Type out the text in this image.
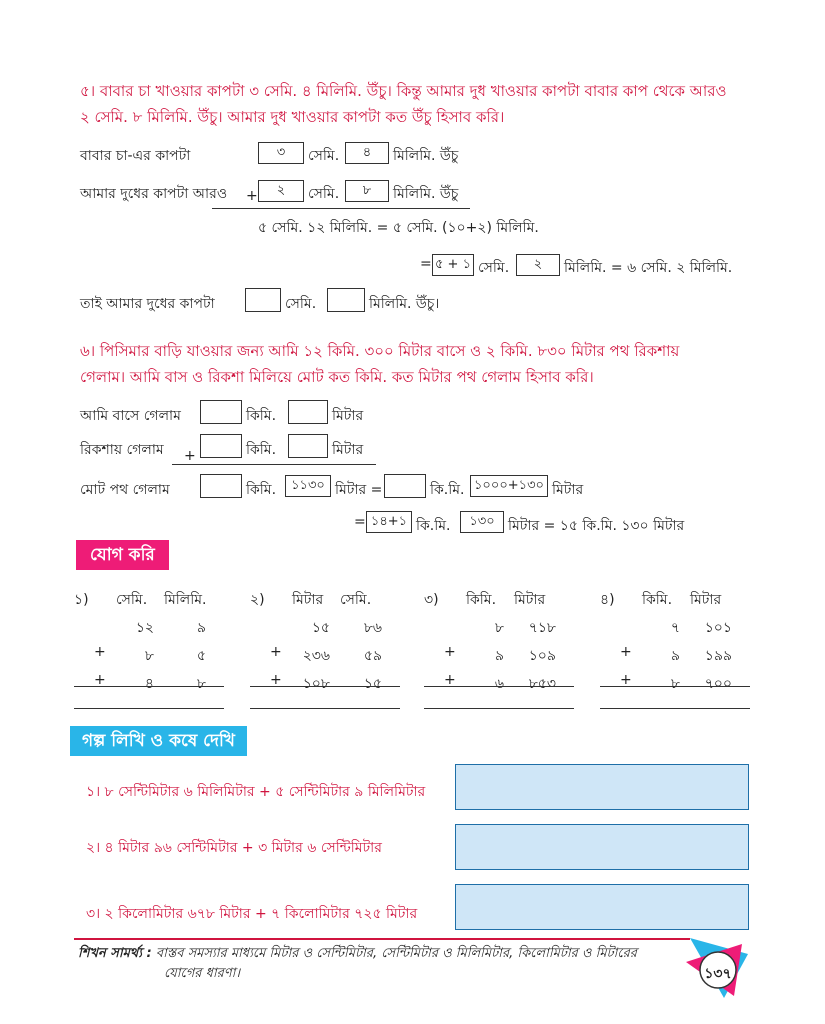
৫। বাবার চা খাওয়ার কাপটা ৩ সেমি. ৪ মিলিমি. উঁচু। কিন্তু আমার দুধ খাওয়ার কাপটা বাবার কাপ থেকে আরও
২ সেমি. ৮ মিলিমি. উঁচু। আমার দুধ খাওয়ার কাপটা কত উঁচু হিসাব করি।
বাবার চা-এর কাপটা	৩	সেমি.	৪	মিলিমি. উঁচু
আমার দুধের কাপটা আরও +	২	সেমি.	৮	মিলিমি. উঁচু
৫ সেমি. ১২ মিলিমি. = ৫ সেমি. (১০+২) মিলিমি.
= ৫ + ১ সেমি.	২	মিলিমি. = ৬ সেমি. ২ মিলিমি.
তাই আমার দুধের কাপটা	সেমি.	মিলিমি. উঁচু।
৬। পিসিমার বাড়ি যাওয়ার জন্য আমি ১২ কিমি. ৩০০ মিটার বাসে ও ২ কিমি. ৮৩০ মিটার পথ রিকশায়
গেলাম। আমি বাস ও রিকশা মিলিয়ে মোট কত কিমি. কত মিটার পথ গেলাম হিসাব করি।
আমি বাসে গেলাম	কিমি.	মিটার
রিকশায় গেলাম +	কিমি.	মিটার
মোট পথ গেলাম	কিমি.	১১৩০ মিটার =	কি.মি. ১০০০+১৩০ মিটার
= ১৪+১ কি.মি.	১৩০ মিটার = ১৫ কি.মি. ১৩০ মিটার
যোগ করি
১) সেমি. মিলিমি.
১২	৯
+	৮	৫
+	৪	৮
২) মিটার সেমি.
১৫	৮৬
+	২৩৬	৫৯
+	১০৮	১৫
৩) কিমি. মিটার
৮	৭১৮
+	৯	১০৯
+	৬	৮৫৩
৪) কিমি. মিটার
৭	১০১
+	৯	১৯৯
+	৮	৭০০
গল্প লিখি ও কষে দেখি
১। ৮ সেন্টিমিটার ৬ মিলিমিটার + ৫ সেন্টিমিটার ৯ মিলিমিটার
২। ৪ মিটার ৯৬ সেন্টিমিটার + ৩ মিটার ৬ সেন্টিমিটার
৩। ২ কিলোমিটার ৬৭৮ মিটার + ৭ কিলোমিটার ৭২৫ মিটার
শিখন সামর্থ্য : বাস্তব সমস্যার মাধ্যমে মিটার ও সেন্টিমিটার, সেন্টিমিটার ও মিলিমিটার, কিলোমিটার ও মিটারের
যোগের ধারণা।	১৩৭
